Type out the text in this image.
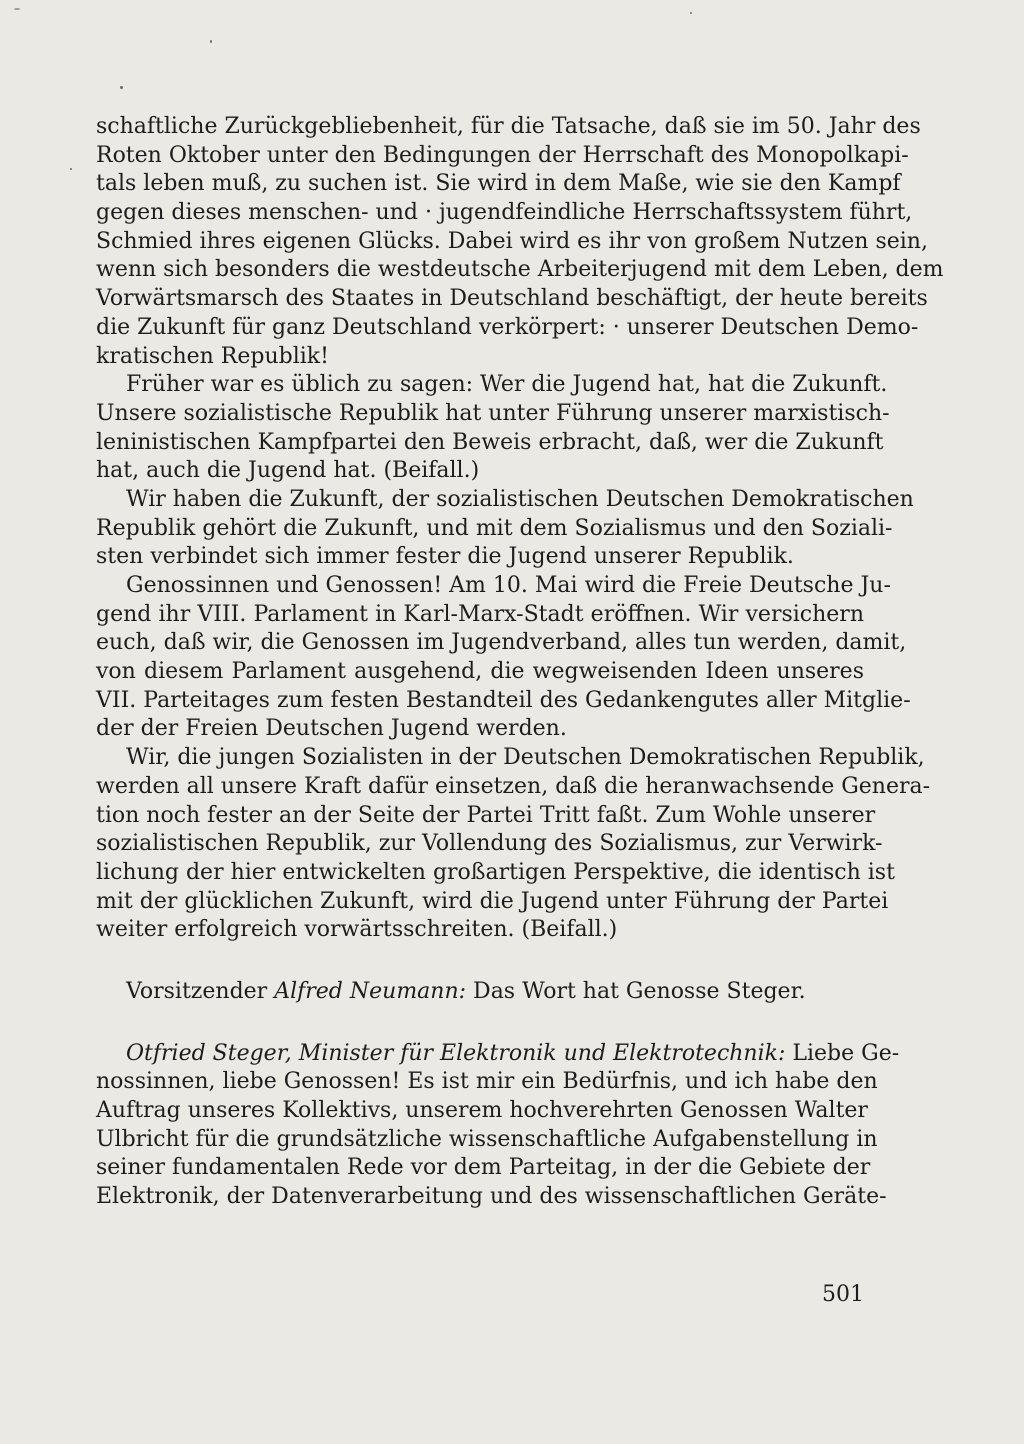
schaftliche Zurückgebliebenheit, für die Tatsache, daß sie im 50. Jahr des
Roten Oktober unter den Bedingungen der Herrschaft des Monopolkapi-
tals leben muß, zu suchen ist. Sie wird in dem Maße, wie sie den Kampf
gegen dieses menschen- und · jugendfeindliche Herrschaftssystem führt,
Schmied ihres eigenen Glücks. Dabei wird es ihr von großem Nutzen sein,
wenn sich besonders die westdeutsche Arbeiterjugend mit dem Leben, dem
Vorwärtsmarsch des Staates in Deutschland beschäftigt, der heute bereits
die Zukunft für ganz Deutschland verkörpert: · unserer Deutschen Demo-
kratischen Republik!
Früher war es üblich zu sagen: Wer die Jugend hat, hat die Zukunft.
Unsere sozialistische Republik hat unter Führung unserer marxistisch-
leninistischen Kampfpartei den Beweis erbracht, daß, wer die Zukunft
hat, auch die Jugend hat. (Beifall.)
Wir haben die Zukunft, der sozialistischen Deutschen Demokratischen
Republik gehört die Zukunft, und mit dem Sozialismus und den Soziali-
sten verbindet sich immer fester die Jugend unserer Republik.
Genossinnen und Genossen! Am 10. Mai wird die Freie Deutsche Ju-
gend ihr VIII. Parlament in Karl-Marx-Stadt eröffnen. Wir versichern
euch, daß wir, die Genossen im Jugendverband, alles tun werden, damit,
von diesem Parlament ausgehend, die wegweisenden Ideen unseres
VII. Parteitages zum festen Bestandteil des Gedankengutes aller Mitglie-
der der Freien Deutschen Jugend werden.
Wir, die jungen Sozialisten in der Deutschen Demokratischen Republik,
werden all unsere Kraft dafür einsetzen, daß die heranwachsende Genera-
tion noch fester an der Seite der Partei Tritt faßt. Zum Wohle unserer
sozialistischen Republik, zur Vollendung des Sozialismus, zur Verwirk-
lichung der hier entwickelten großartigen Perspektive, die identisch ist
mit der glücklichen Zukunft, wird die Jugend unter Führung der Partei
weiter erfolgreich vorwärtsschreiten. (Beifall.)
Vorsitzender Alfred Neumann: Das Wort hat Genosse Steger.
Otfried Steger, Minister für Elektronik und Elektrotechnik: Liebe Ge-
nossinnen, liebe Genossen! Es ist mir ein Bedürfnis, und ich habe den
Auftrag unseres Kollektivs, unserem hochverehrten Genossen Walter
Ulbricht für die grundsätzliche wissenschaftliche Aufgabenstellung in
seiner fundamentalen Rede vor dem Parteitag, in der die Gebiete der
Elektronik, der Datenverarbeitung und des wissenschaftlichen Geräte-
501
